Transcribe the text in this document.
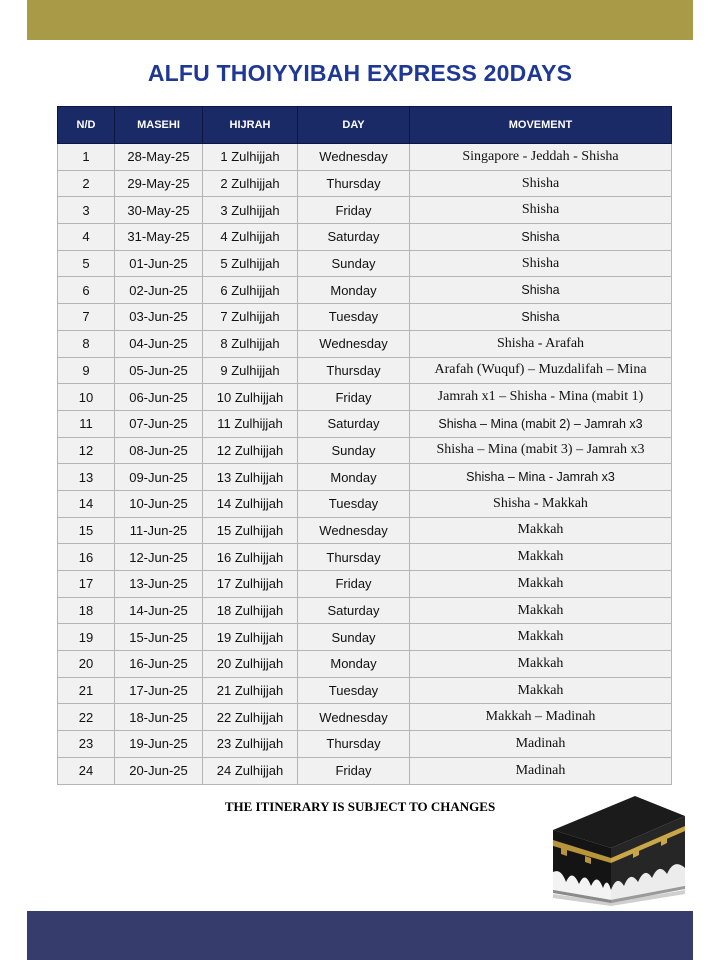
ALFU THOIYYIBAH EXPRESS 20DAYS
N/D	MASEHI	HIJRAH	DAY	MOVEMENT
1	28-May-25	1 Zulhijjah	Wednesday	Singapore - Jeddah - Shisha
2	29-May-25	2 Zulhijjah	Thursday	Shisha
3	30-May-25	3 Zulhijjah	Friday	Shisha
4	31-May-25	4 Zulhijjah	Saturday	Shisha
5	01-Jun-25	5 Zulhijjah	Sunday	Shisha
6	02-Jun-25	6 Zulhijjah	Monday	Shisha
7	03-Jun-25	7 Zulhijjah	Tuesday	Shisha
8	04-Jun-25	8 Zulhijjah	Wednesday	Shisha - Arafah
9	05-Jun-25	9 Zulhijjah	Thursday	Arafah (Wuquf) – Muzdalifah – Mina
10	06-Jun-25	10 Zulhijjah	Friday	Jamrah x1 – Shisha - Mina (mabit 1)
11	07-Jun-25	11 Zulhijjah	Saturday	Shisha – Mina (mabit 2) – Jamrah x3
12	08-Jun-25	12 Zulhijjah	Sunday	Shisha – Mina (mabit 3) – Jamrah x3
13	09-Jun-25	13 Zulhijjah	Monday	Shisha – Mina - Jamrah x3
14	10-Jun-25	14 Zulhijjah	Tuesday	Shisha - Makkah
15	11-Jun-25	15 Zulhijjah	Wednesday	Makkah
16	12-Jun-25	16 Zulhijjah	Thursday	Makkah
17	13-Jun-25	17 Zulhijjah	Friday	Makkah
18	14-Jun-25	18 Zulhijjah	Saturday	Makkah
19	15-Jun-25	19 Zulhijjah	Sunday	Makkah
20	16-Jun-25	20 Zulhijjah	Monday	Makkah
21	17-Jun-25	21 Zulhijjah	Tuesday	Makkah
22	18-Jun-25	22 Zulhijjah	Wednesday	Makkah – Madinah
23	19-Jun-25	23 Zulhijjah	Thursday	Madinah
24	20-Jun-25	24 Zulhijjah	Friday	Madinah
THE ITINERARY IS SUBJECT TO CHANGES
